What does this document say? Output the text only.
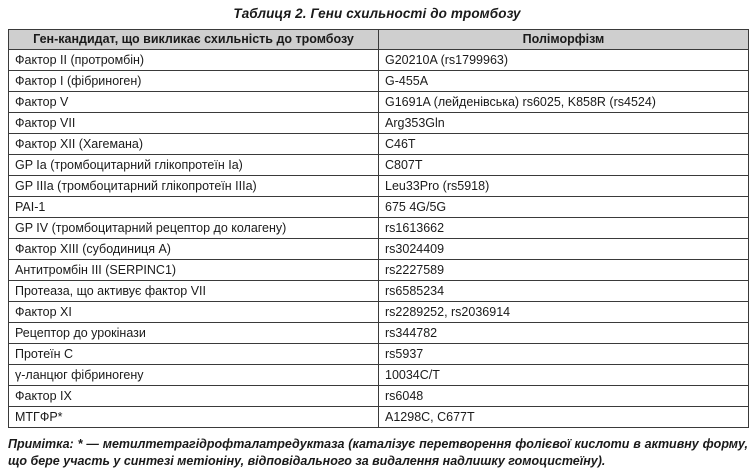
Таблиця 2. Гени схильності до тромбозу
Ген-кандидат, що викликає схильність до тромбозу	Поліморфізм
Фактор II (протромбін)	G20210A (rs1799963)
Фактор I (фібриноген)	G-455A
Фактор V	G1691A (лейденівська) rs6025, K858R (rs4524)
Фактор VII	Arg353Gln
Фактор XII (Хагемана)	C46T
GP Ia (тромбоцитарний глікопротеїн Ia)	C807T
GP IIIa (тромбоцитарний глікопротеїн IIIa)	Leu33Pro (rs5918)
PAI-1	675 4G/5G
GP IV (тромбоцитарний рецептор до колагену)	rs1613662
Фактор XIII (субодиниця А)	rs3024409
Антитромбін III (SERPINC1)	rs2227589
Протеаза, що активує фактор VII	rs6585234
Фактор XI	rs2289252, rs2036914
Рецептор до урокінази	rs344782
Протеїн С	rs5937
γ-ланцюг фібриногену	10034C/T
Фактор IX	rs6048
МТГФР*	A1298C, C677T
Примітка: * — метилтетрагідрофталатредуктаза (каталізує перетворення фолієвої кислоти в активну форму, що бере участь у синтезі метіоніну, відповідального за видалення надлишку гомоцистеїну).
